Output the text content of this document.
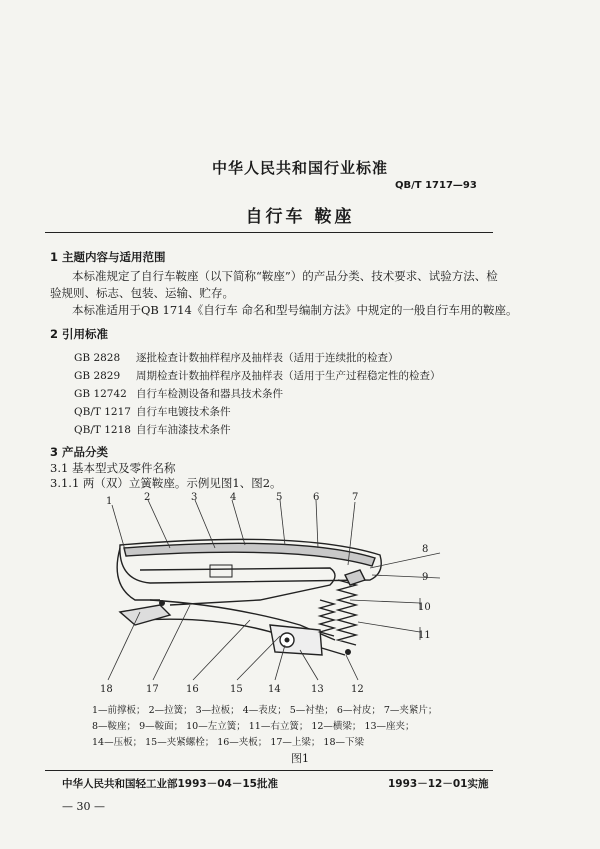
中华人民共和国行业标准
QB/T 1717—93
自行车 鞍座
1 主题内容与适用范围
本标准规定了自行车鞍座（以下简称“鞍座”）的产品分类、技术要求、试验方法、检
验规则、标志、包装、运输、贮存。
本标准适用于QB 1714《自行车 命名和型号编制方法》中规定的一般自行车用的鞍座。
2 引用标准
GB 2828 逐批检查计数抽样程序及抽样表（适用于连续批的检查）
GB 2829 周期检查计数抽样程序及抽样表（适用于生产过程稳定性的检查）
GB 12742 自行车检测设备和器具技术条件
QB/T 1217 自行车电镀技术条件
QB/T 1218 自行车油漆技术条件
3 产品分类
3.1 基本型式及零件名称
3.1.1 两（双）立簧鞍座。示例见图1、图2。
1	2	3	4	5	6	7
8
9
10
11
18	17	16	15	14	13	12
1—前撑板； 2—拉簧； 3—拉板； 4—表皮； 5—衬垫； 6—衬皮； 7—夹紧片；
8—鞍座； 9—鞍面； 10—左立簧； 11—右立簧； 12—横梁； 13—座夹；
14—压板； 15—夹紧螺栓； 16—夹板； 17—上梁； 18—下梁
图1
中华人民共和国轻工业部1993－04－15批准	1993－12－01实施
— 30 —
